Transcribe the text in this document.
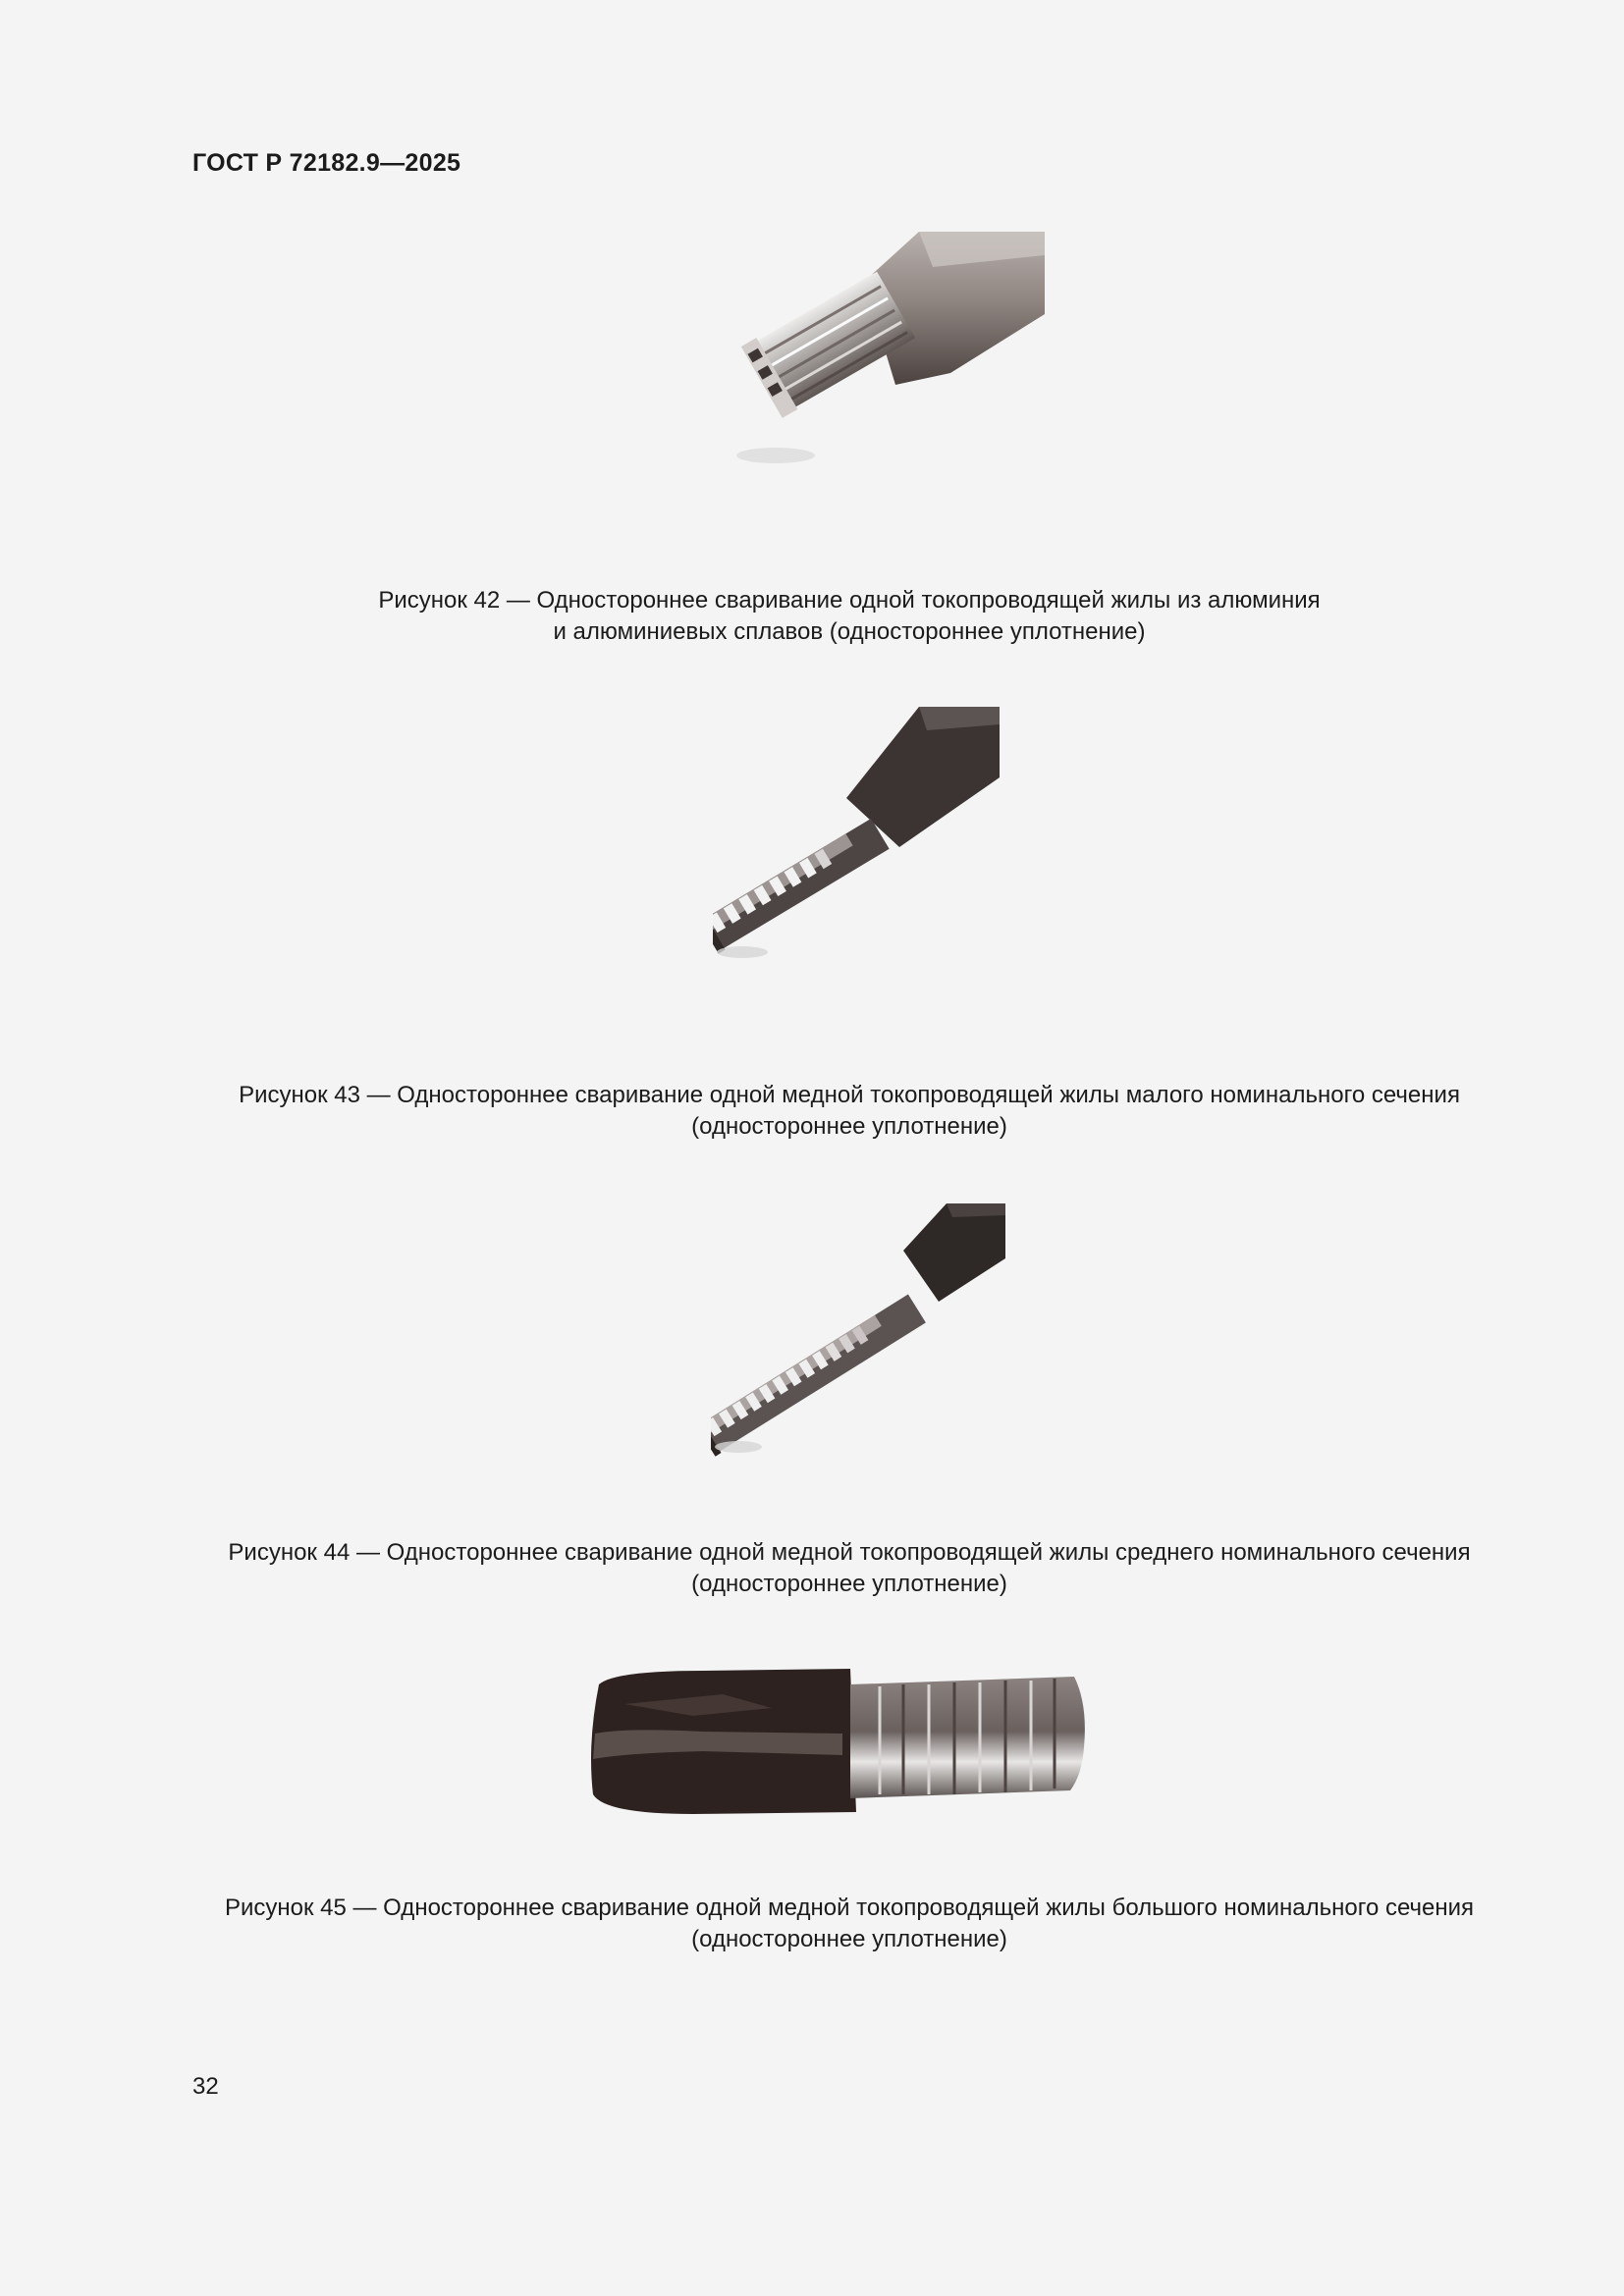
ГОСТ Р 72182.9—2025
Рисунок 42 — Одностороннее сваривание одной токопроводящей жилы из алюминия
и алюминиевых сплавов (одностороннее уплотнение)
Рисунок 43 — Одностороннее сваривание одной медной токопроводящей жилы малого номинального сечения
(одностороннее уплотнение)
Рисунок 44 — Одностороннее сваривание одной медной токопроводящей жилы среднего номинального сечения
(одностороннее уплотнение)
Рисунок 45 — Одностороннее сваривание одной медной токопроводящей жилы большого номинального сечения
(одностороннее уплотнение)
32
